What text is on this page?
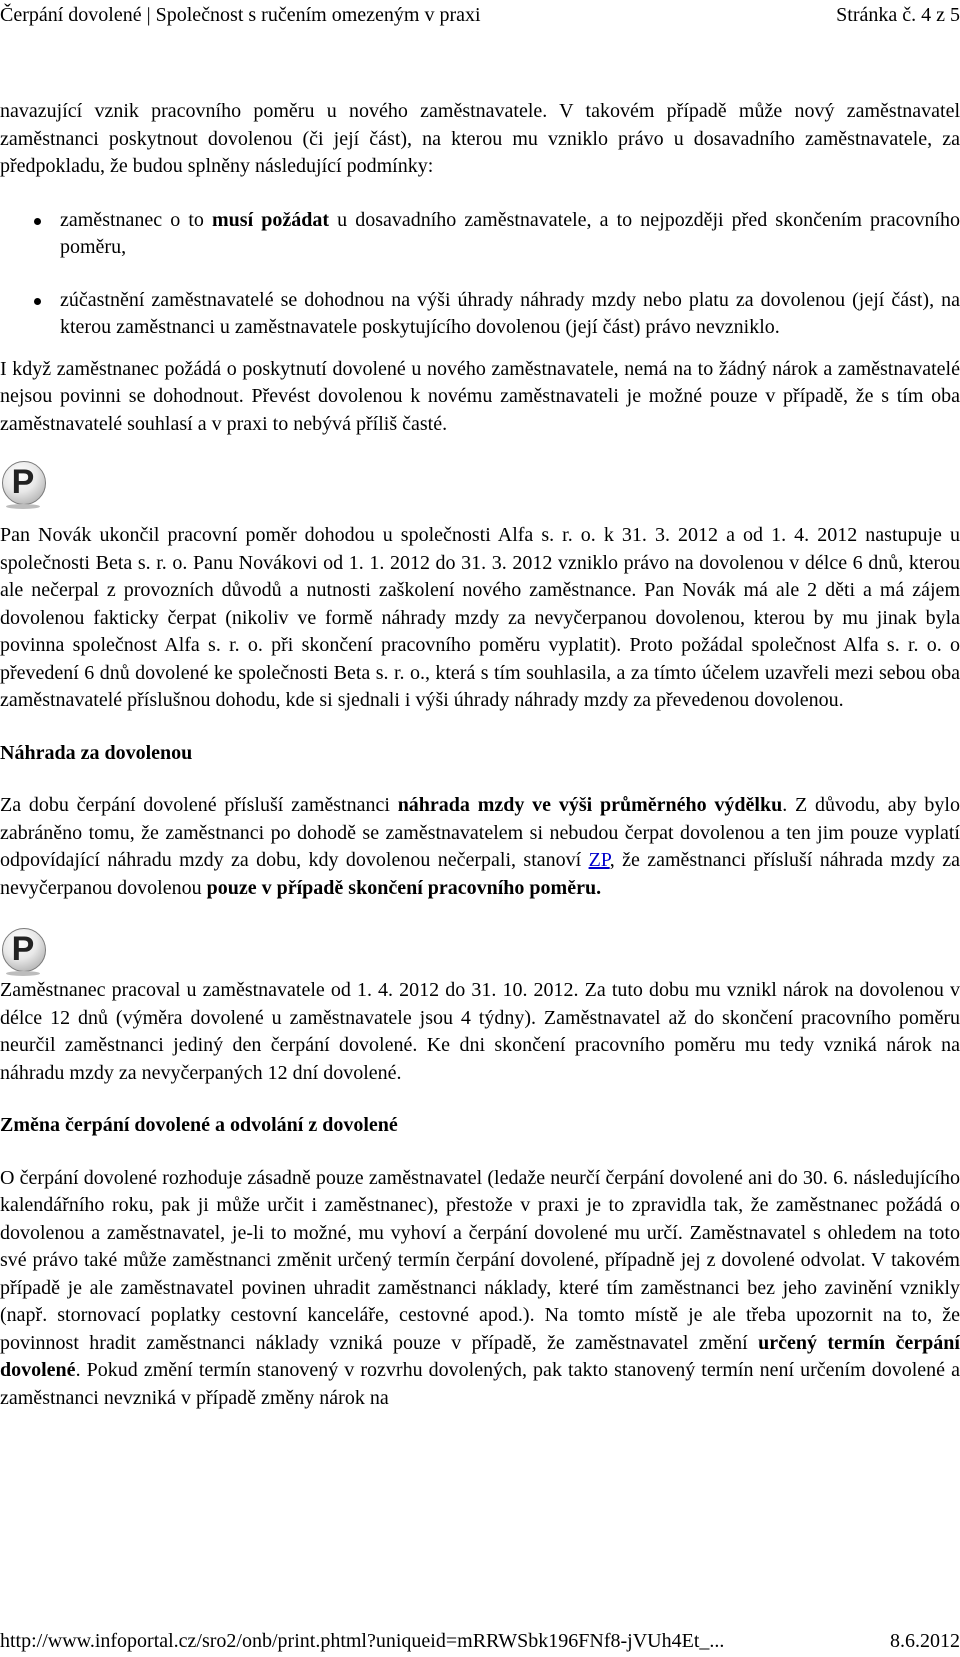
Čerpání dovolené | Společnost s ručením omezeným v praxi	Stránka č. 4 z 5

navazující vznik pracovního poměru u nového zaměstnavatele. V takovém případě může nový zaměstnavatel zaměstnanci poskytnout dovolenou (či její část), na kterou mu vzniklo právo u dosavadního zaměstnavatele, za předpokladu, že budou splněny následující podmínky:

zaměstnanec o to musí požádat u dosavadního zaměstnavatele, a to nejpozději před skončením pracovního poměru,
zúčastnění zaměstnavatelé se dohodnou na výši úhrady náhrady mzdy nebo platu za dovolenou (její část), na kterou zaměstnanci u zaměstnavatele poskytujícího dovolenou (její část) právo nevzniklo.

I když zaměstnanec požádá o poskytnutí dovolené u nového zaměstnavatele, nemá na to žádný nárok a zaměstnavatelé nejsou povinni se dohodnout. Převést dovolenou k novému zaměstnavateli je možné pouze v případě, že s tím oba zaměstnavatelé souhlasí a v praxi to nebývá příliš časté.

P

Pan Novák ukončil pracovní poměr dohodou u společnosti Alfa s. r. o. k 31. 3. 2012 a od 1. 4. 2012 nastupuje u společnosti Beta s. r. o. Panu Novákovi od 1. 1. 2012 do 31. 3. 2012 vzniklo právo na dovolenou v délce 6 dnů, kterou ale nečerpal z provozních důvodů a nutnosti zaškolení nového zaměstnance. Pan Novák má ale 2 děti a má zájem dovolenou fakticky čerpat (nikoliv ve formě náhrady mzdy za nevyčerpanou dovolenou, kterou by mu jinak byla povinna společnost Alfa s. r. o. při skončení pracovního poměru vyplatit). Proto požádal společnost Alfa s. r. o. o převedení 6 dnů dovolené ke společnosti Beta s. r. o., která s tím souhlasila, a za tímto účelem uzavřeli mezi sebou oba zaměstnavatelé příslušnou dohodu, kde si sjednali i výši úhrady náhrady mzdy za převedenou dovolenou.

Náhrada za dovolenou

Za dobu čerpání dovolené přísluší zaměstnanci náhrada mzdy ve výši průměrného výdělku. Z důvodu, aby bylo zabráněno tomu, že zaměstnanci po dohodě se zaměstnavatelem si nebudou čerpat dovolenou a ten jim pouze vyplatí odpovídající náhradu mzdy za dobu, kdy dovolenou nečerpali, stanoví ZP, že zaměstnanci přísluší náhrada mzdy za nevyčerpanou dovolenou pouze v případě skončení pracovního poměru.

P

Zaměstnanec pracoval u zaměstnavatele od 1. 4. 2012 do 31. 10. 2012. Za tuto dobu mu vznikl nárok na dovolenou v délce 12 dnů (výměra dovolené u zaměstnavatele jsou 4 týdny). Zaměstnavatel až do skončení pracovního poměru neurčil zaměstnanci jediný den čerpání dovolené. Ke dni skončení pracovního poměru mu tedy vzniká nárok na náhradu mzdy za nevyčerpaných 12 dní dovolené.

Změna čerpání dovolené a odvolání z dovolené

O čerpání dovolené rozhoduje zásadně pouze zaměstnavatel (ledaže neurčí čerpání dovolené ani do 30. 6. následujícího kalendářního roku, pak ji může určit i zaměstnanec), přestože v praxi je to zpravidla tak, že zaměstnanec požádá o dovolenou a zaměstnavatel, je-li to možné, mu vyhoví a čerpání dovolené mu určí. Zaměstnavatel s ohledem na toto své právo také může zaměstnanci změnit určený termín čerpání dovolené, případně jej z dovolené odvolat. V takovém případě je ale zaměstnavatel povinen uhradit zaměstnanci náklady, které tím zaměstnanci bez jeho zavinění vznikly (např. stornovací poplatky cestovní kanceláře, cestovné apod.). Na tomto místě je ale třeba upozornit na to, že povinnost hradit zaměstnanci náklady vzniká pouze v případě, že zaměstnavatel změní určený termín čerpání dovolené. Pokud změní termín stanovený v rozvrhu dovolených, pak takto stanovený termín není určením dovolené a zaměstnanci nevzniká v případě změny nárok na

http://www.infoportal.cz/sro2/onb/print.phtml?uniqueid=mRRWSbk196FNf8-jVUh4Et_...	8.6.2012
